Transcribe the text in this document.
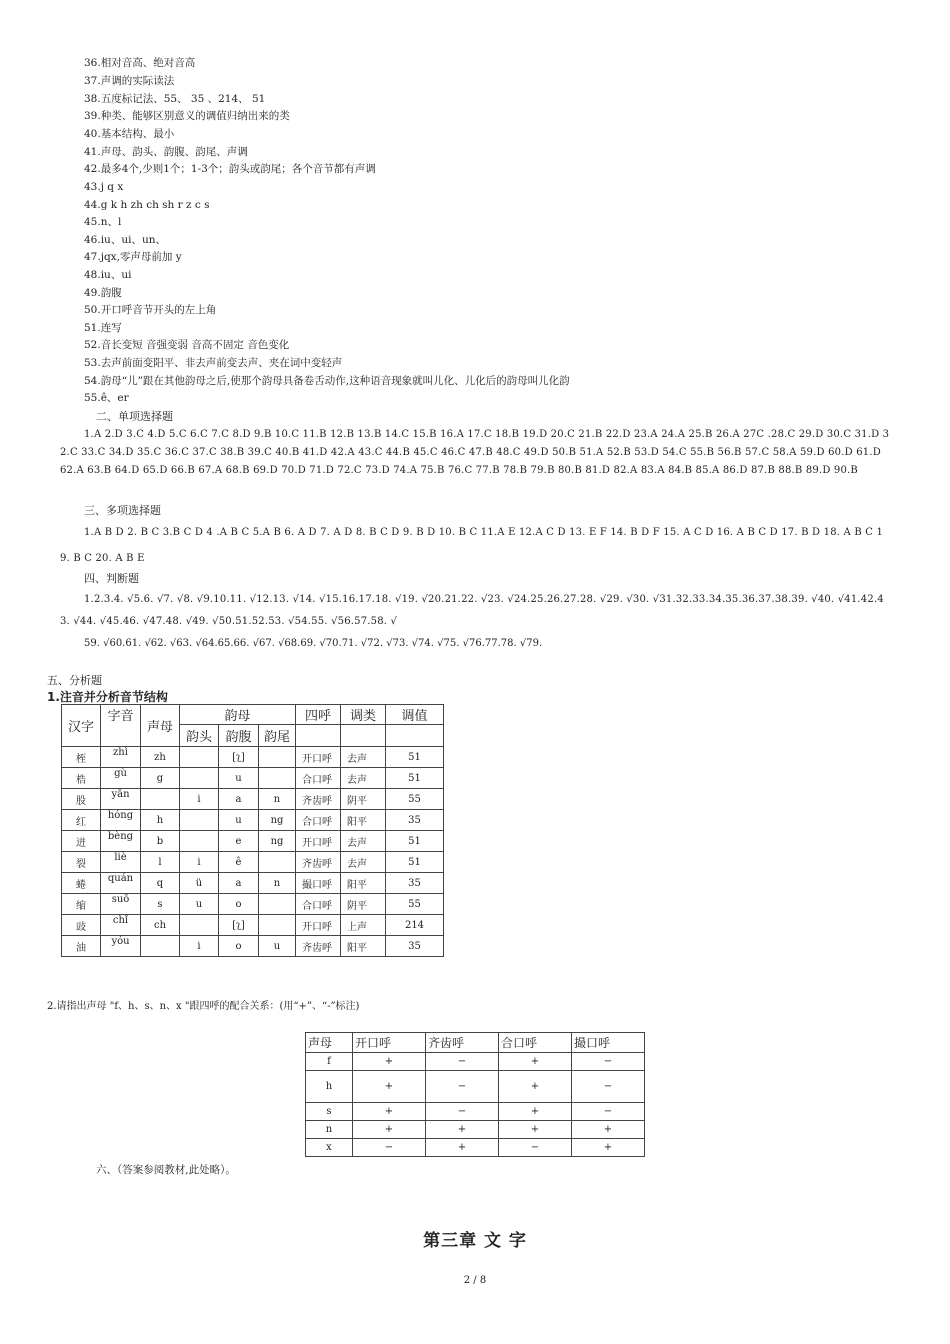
36.相对音高、绝对音高
37.声调的实际读法
38.五度标记法、55、 35 、214、 51
39.种类、能够区别意义的调值归纳出来的类
40.基本结构、最小
41.声母、韵头、韵腹、韵尾、声调
42.最多4个,少则1个；1-3个；韵头或韵尾；各个音节都有声调
43.j q x
44.g k h zh ch sh r z c s
45.n、l
46.iu、ui、un、
47.jqx,零声母前加 y
48.iu、ui
49.韵腹
50.开口呼音节开头的左上角
51.连写
52.音长变短 音强变弱 音高不固定 音色变化
53.去声前面变阳平、非去声前变去声、夹在词中变轻声
54.韵母“儿”跟在其他韵母之后,使那个韵母具备卷舌动作,这种语音现象就叫儿化、儿化后的韵母叫儿化韵
55.ê、er
二、单项选择题
1.A 2.D 3.C 4.D 5.C 6.C 7.C 8.D 9.B 10.C 11.B 12.B 13.B 14.C 15.B 16.A 17.C 18.B 19.D 20.C 21.B 22.D 23.A 24.A 25.B 26.A 27C .28.C 29.D 30.C 31.D 32.C 33.C 34.D 35.C 36.C 37.C 38.B 39.C 40.B 41.D 42.A 43.C 44.B 45.C 46.C 47.B 48.C 49.D 50.B 51.A 52.B 53.D 54.C 55.B 56.B 57.C 58.A 59.D 60.D 61.D 62.A 63.B 64.D 65.D 66.B 67.A 68.B 69.D 70.D 71.D 72.C 73.D 74.A 75.B 76.C 77.B 78.B 79.B 80.B 81.D 82.A 83.A 84.B 85.A 86.D 87.B 88.B 89.D 90.B
三、多项选择题
1.A B D 2. B C 3.B C D 4 .A B C 5.A B 6. A D 7. A D 8. B C D 9. B D 10. B C 11.A E 12.A C D 13. E F 14. B D F 15. A C D 16. A B C D 17. B D 18. A B C 19. B C 20. A B E
四、判断题
1.2.3.4. √5.6. √7. √8. √9.10.11. √12.13. √14. √15.16.17.18. √19. √20.21.22. √23. √24.25.26.27.28. √29. √30. √31.32.33.34.35.36.37.38.39. √40. √41.42.43. √44. √45.46. √47.48. √49. √50.51.52.53. √54.55. √56.57.58. √
59. √60.61. √62. √63. √64.65.66. √67. √68.69. √70.71. √72. √73. √74. √75. √76.77.78. √79.
五、分析题
1.注音并分析音节结构
汉字	字音	声母	韵母			四呼	调类	调值
			韵头	韵腹	韵尾			
桎	zhì	zh		[ʅ]		开口呼	去声	51
梏	gù	g		u		合口呼	去声	51
股	yān		i	a	n	齐齿呼	阴平	55
红	hóng	h		u	ng	合口呼	阳平	35
迸	bèng	b		e	ng	开口呼	去声	51
裂	liè	l	i	ê		齐齿呼	去声	51
蜷	quán	q	ü	a	n	撮口呼	阳平	35
缩	suō	s	u	o		合口呼	阴平	55
豉	chǐ	ch		[ʅ]		开口呼	上声	214
油	yóu		i	o	u	齐齿呼	阳平	35
2.请指出声母 "f、h、s、n、x "跟四呼的配合关系：(用“+”、“-”标注)
声母	开口呼	齐齿呼	合口呼	撮口呼
f	+	−	+	−
h	+	−	+	−
s	+	−	+	−
n	+	+	+	+
x	−	+	−	+
六、（答案参阅教材,此处略）。
第三章 文 字
2 / 8
